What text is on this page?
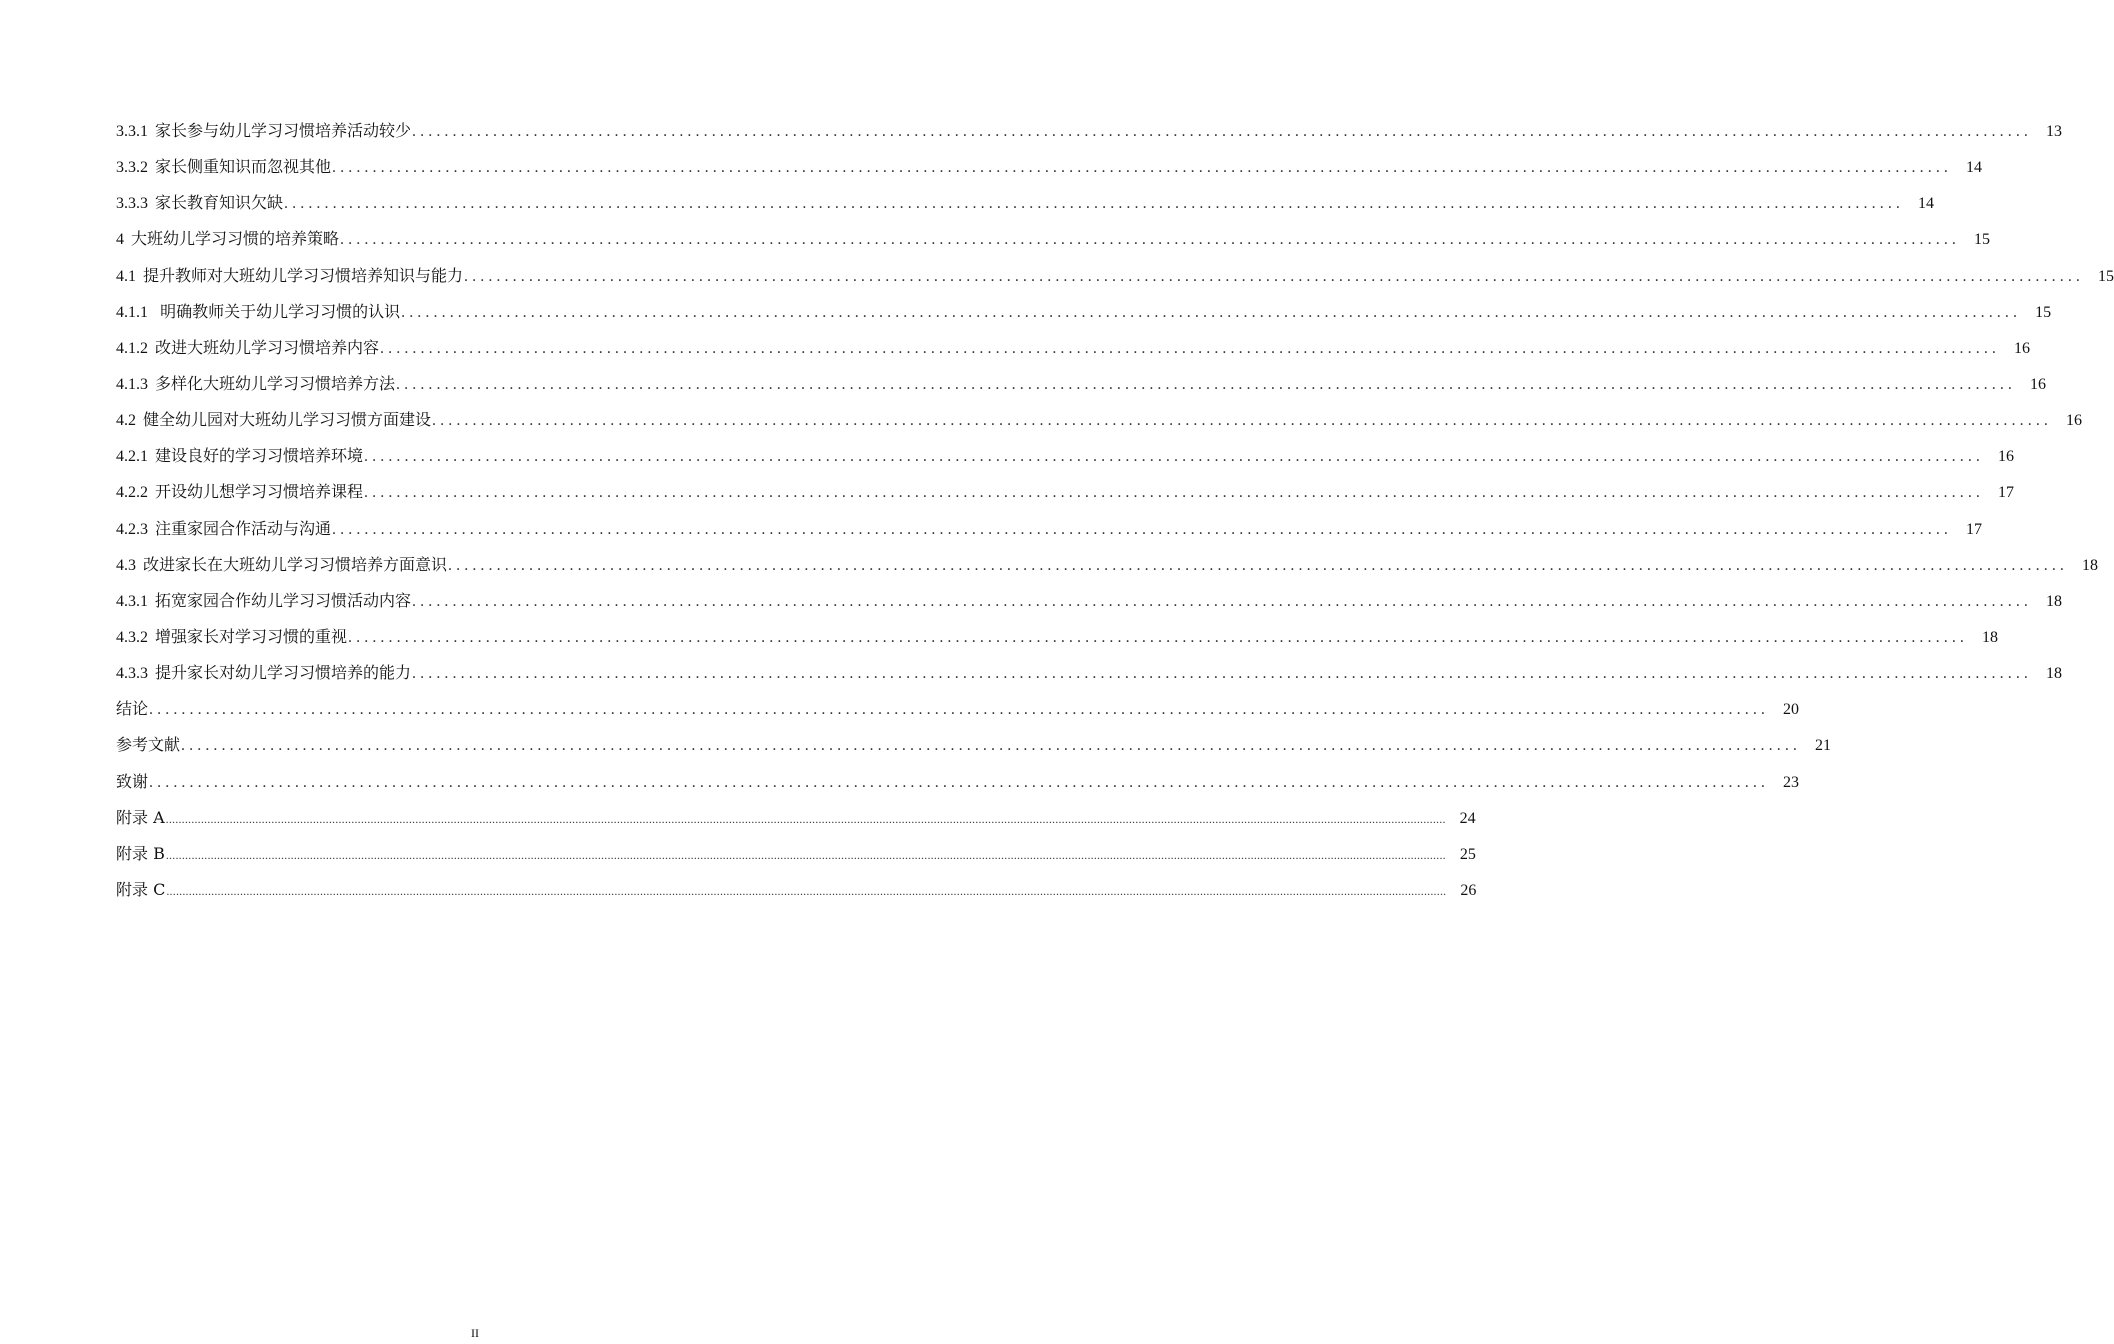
3.3.1 家长参与幼儿学习习惯培养活动较少 ........................................................................................................................................................................................................ 13
3.3.2 家长侧重知识而忽视其他 ........................................................................................................................................................................................................ 14
3.3.3 家长教育知识欠缺 ........................................................................................................................................................................................................ 14
4 大班幼儿学习习惯的培养策略 ........................................................................................................................................................................................................ 15
4.1 提升教师对大班幼儿学习习惯培养知识与能力 ........................................................................................................................................................................................................ 15
4.1.1 明确教师关于幼儿学习习惯的认识 ........................................................................................................................................................................................................ 15
4.1.2 改进大班幼儿学习习惯培养内容 ........................................................................................................................................................................................................ 16
4.1.3 多样化大班幼儿学习习惯培养方法 ........................................................................................................................................................................................................ 16
4.2 健全幼儿园对大班幼儿学习习惯方面建设 ........................................................................................................................................................................................................ 16
4.2.1 建设良好的学习习惯培养环境 ........................................................................................................................................................................................................ 16
4.2.2 开设幼儿想学习习惯培养课程 ........................................................................................................................................................................................................ 17
4.2.3 注重家园合作活动与沟通 ........................................................................................................................................................................................................ 17
4.3 改进家长在大班幼儿学习习惯培养方面意识 ........................................................................................................................................................................................................ 18
4.3.1 拓宽家园合作幼儿学习习惯活动内容 ........................................................................................................................................................................................................ 18
4.3.2 增强家长对学习习惯的重视 ........................................................................................................................................................................................................ 18
4.3.3 提升家长对幼儿学习习惯培养的能力 ........................................................................................................................................................................................................ 18
结论 ........................................................................................................................................................................................................ 20
参考文献 ........................................................................................................................................................................................................ 21
致谢 ........................................................................................................................................................................................................ 23
附录 A ................................................................................................................................................................................................................................................................................................................................................................................................................ 24
附录 B ................................................................................................................................................................................................................................................................................................................................................................................................................ 25
附录 C ................................................................................................................................................................................................................................................................................................................................................................................................................ 26
II
